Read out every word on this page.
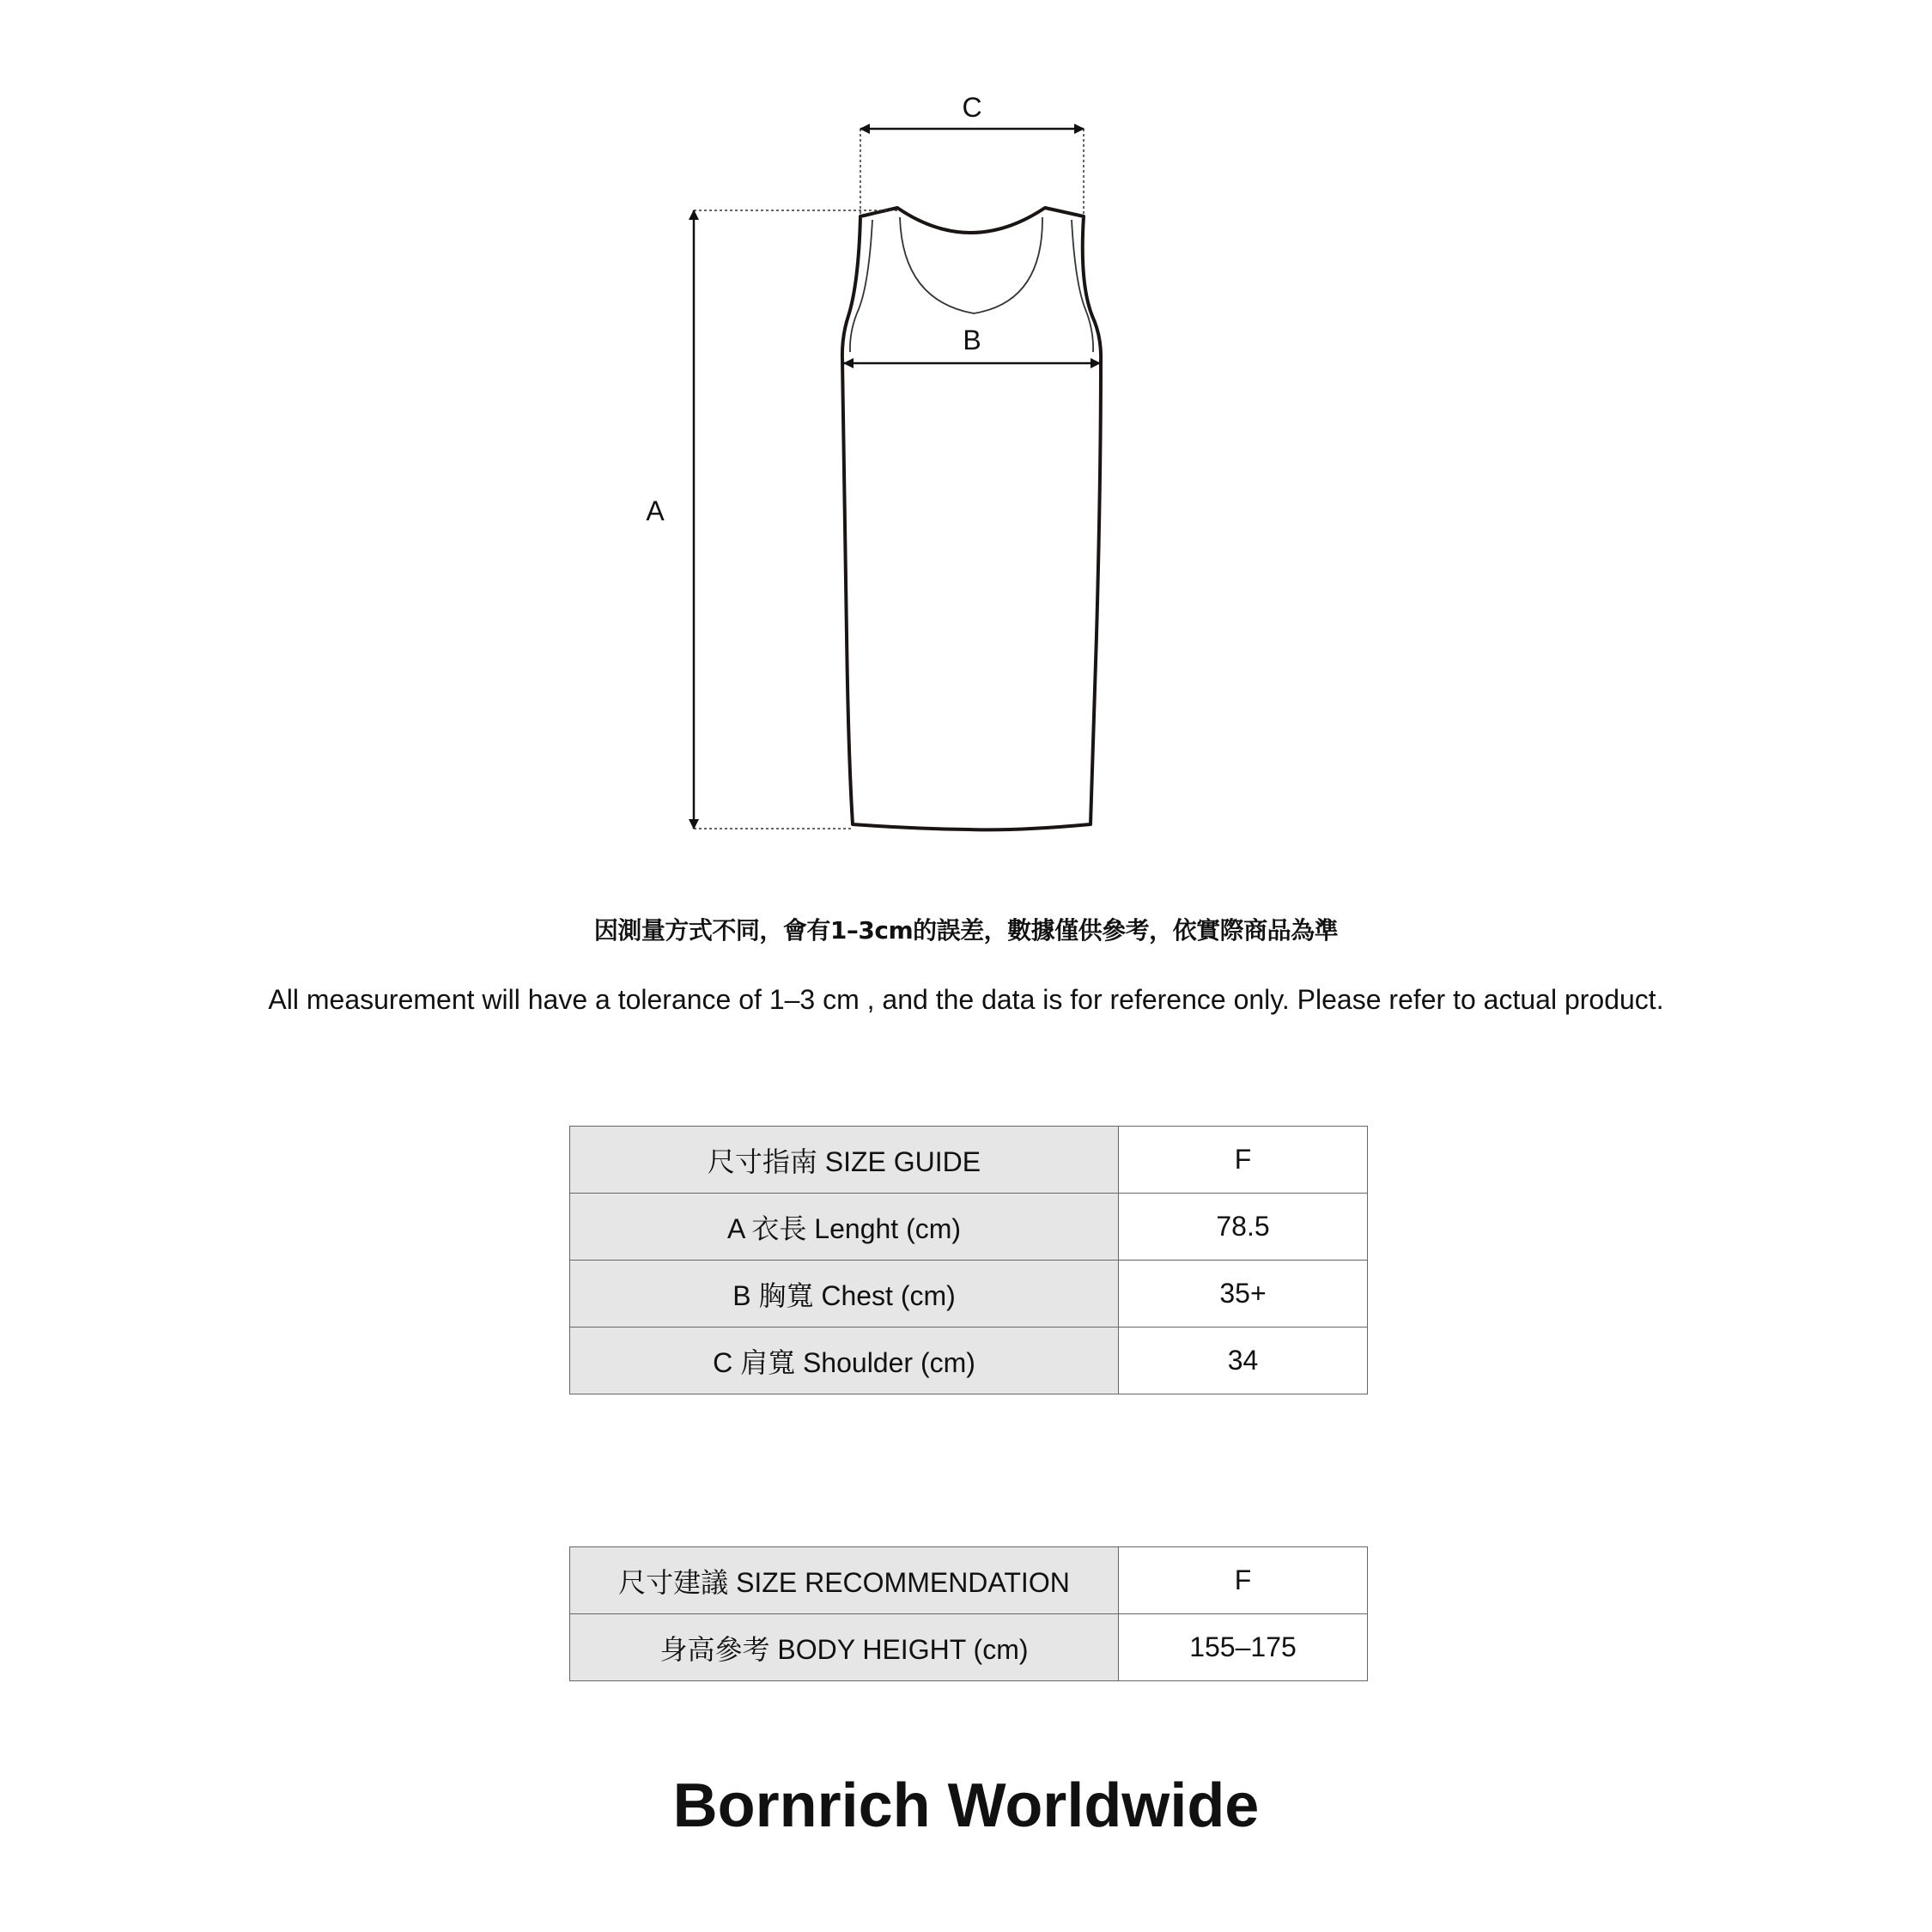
C
B
A
因測量方式不同，會有1–3cm的誤差，數據僅供參考，依實際商品為準
All measurement will have a tolerance of 1–3 cm , and the data is for reference only. Please refer to actual product.
尺寸指南 SIZE GUIDE	F
A 衣長 Lenght (cm)	78.5
B 胸寬 Chest (cm)	35+
C 肩寬 Shoulder (cm)	34
尺寸建議 SIZE RECOMMENDATION	F
身高參考 BODY HEIGHT (cm)	155–175
Bornrich Worldwide
